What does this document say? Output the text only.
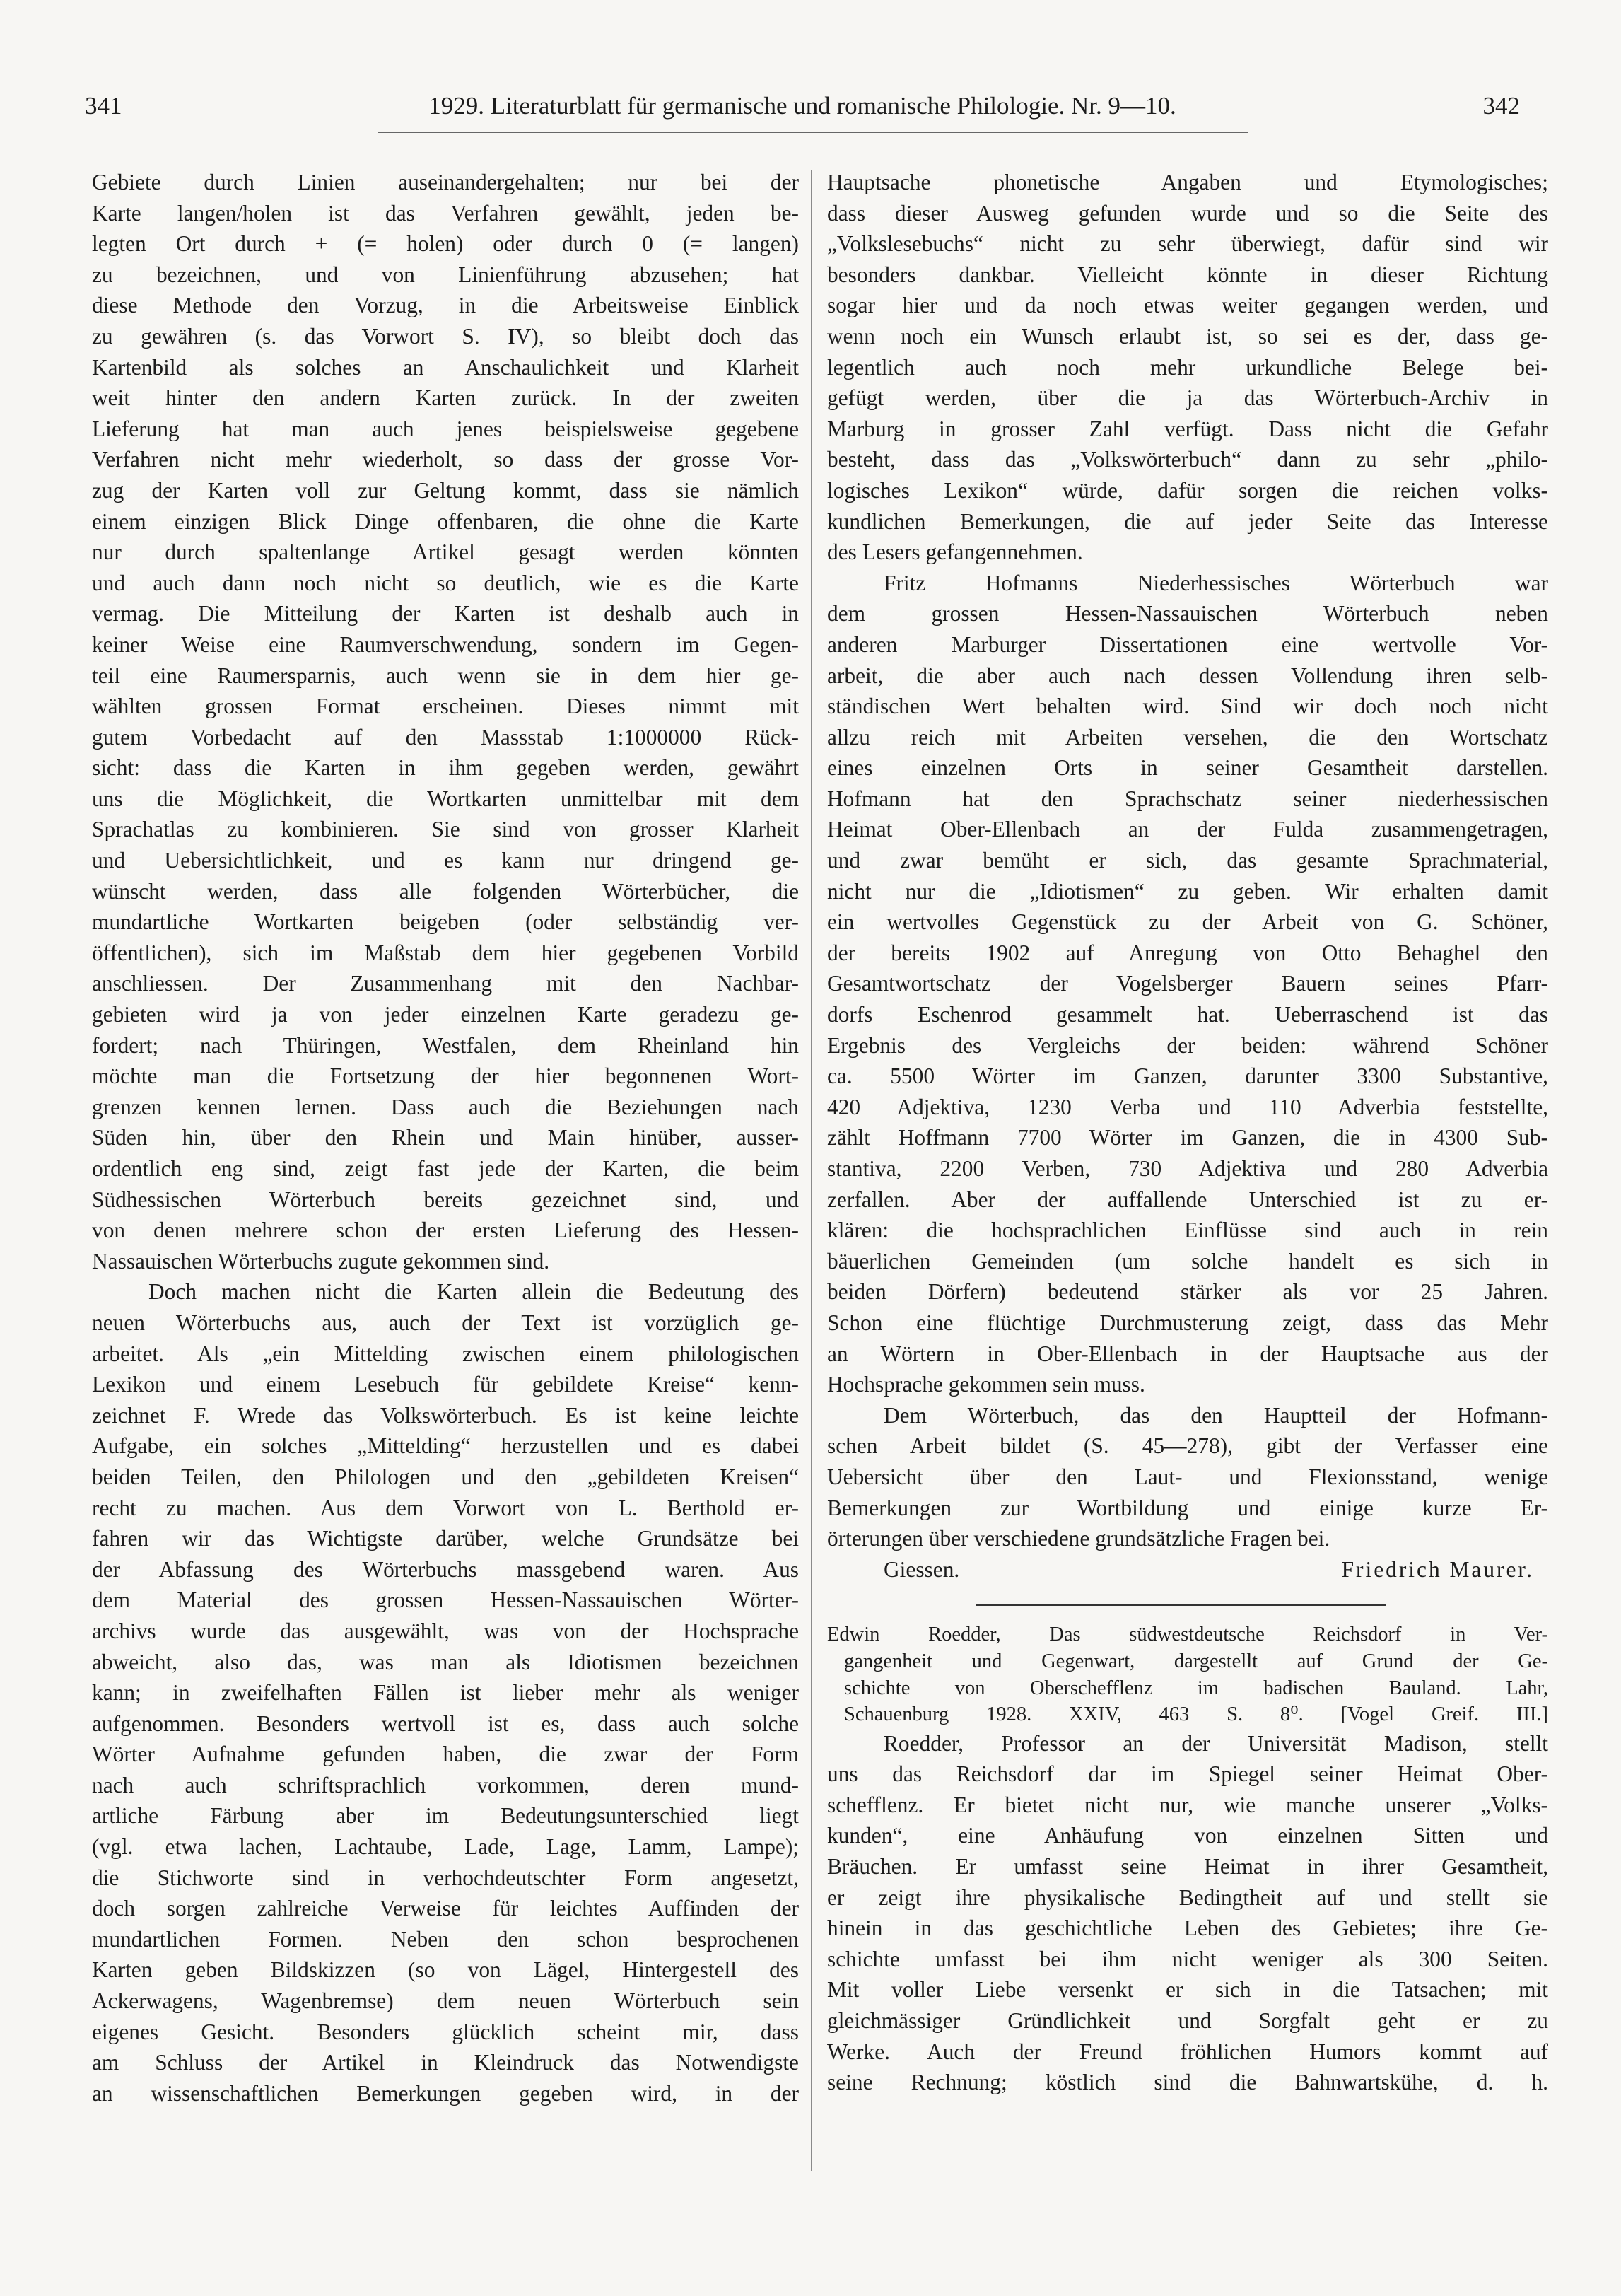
341	1929. Literaturblatt für germanische und romanische Philologie. Nr. 9—10.	342
Gebiete durch Linien auseinandergehalten; nur bei der
Karte langen/holen ist das Verfahren gewählt, jeden be-
legten Ort durch + (= holen) oder durch 0 (= langen)
zu bezeichnen, und von Linienführung abzusehen; hat
diese Methode den Vorzug, in die Arbeitsweise Einblick
zu gewähren (s. das Vorwort S. IV), so bleibt doch das
Kartenbild als solches an Anschaulichkeit und Klarheit
weit hinter den andern Karten zurück. In der zweiten
Lieferung hat man auch jenes beispielsweise gegebene
Verfahren nicht mehr wiederholt, so dass der grosse Vor-
zug der Karten voll zur Geltung kommt, dass sie nämlich
einem einzigen Blick Dinge offenbaren, die ohne die Karte
nur durch spaltenlange Artikel gesagt werden könnten
und auch dann noch nicht so deutlich, wie es die Karte
vermag. Die Mitteilung der Karten ist deshalb auch in
keiner Weise eine Raumverschwendung, sondern im Gegen-
teil eine Raumersparnis, auch wenn sie in dem hier ge-
wählten grossen Format erscheinen. Dieses nimmt mit
gutem Vorbedacht auf den Massstab 1:1000000 Rück-
sicht: dass die Karten in ihm gegeben werden, gewährt
uns die Möglichkeit, die Wortkarten unmittelbar mit dem
Sprachatlas zu kombinieren. Sie sind von grosser Klarheit
und Uebersichtlichkeit, und es kann nur dringend ge-
wünscht werden, dass alle folgenden Wörterbücher, die
mundartliche Wortkarten beigeben (oder selbständig ver-
öffentlichen), sich im Maßstab dem hier gegebenen Vorbild
anschliessen. Der Zusammenhang mit den Nachbar-
gebieten wird ja von jeder einzelnen Karte geradezu ge-
fordert; nach Thüringen, Westfalen, dem Rheinland hin
möchte man die Fortsetzung der hier begonnenen Wort-
grenzen kennen lernen. Dass auch die Beziehungen nach
Süden hin, über den Rhein und Main hinüber, ausser-
ordentlich eng sind, zeigt fast jede der Karten, die beim
Südhessischen Wörterbuch bereits gezeichnet sind, und
von denen mehrere schon der ersten Lieferung des Hessen-
Nassauischen Wörterbuchs zugute gekommen sind.
Doch machen nicht die Karten allein die Bedeutung des
neuen Wörterbuchs aus, auch der Text ist vorzüglich ge-
arbeitet. Als „ein Mittelding zwischen einem philologischen
Lexikon und einem Lesebuch für gebildete Kreise“ kenn-
zeichnet F. Wrede das Volkswörterbuch. Es ist keine leichte
Aufgabe, ein solches „Mittelding“ herzustellen und es dabei
beiden Teilen, den Philologen und den „gebildeten Kreisen“
recht zu machen. Aus dem Vorwort von L. Berthold er-
fahren wir das Wichtigste darüber, welche Grundsätze bei
der Abfassung des Wörterbuchs massgebend waren. Aus
dem Material des grossen Hessen-Nassauischen Wörter-
archivs wurde das ausgewählt, was von der Hochsprache
abweicht, also das, was man als Idiotismen bezeichnen
kann; in zweifelhaften Fällen ist lieber mehr als weniger
aufgenommen. Besonders wertvoll ist es, dass auch solche
Wörter Aufnahme gefunden haben, die zwar der Form
nach auch schriftsprachlich vorkommen, deren mund-
artliche Färbung aber im Bedeutungsunterschied liegt
(vgl. etwa lachen, Lachtaube, Lade, Lage, Lamm, Lampe);
die Stichworte sind in verhochdeutschter Form angesetzt,
doch sorgen zahlreiche Verweise für leichtes Auffinden der
mundartlichen Formen. Neben den schon besprochenen
Karten geben Bildskizzen (so von Lägel, Hintergestell des
Ackerwagens, Wagenbremse) dem neuen Wörterbuch sein
eigenes Gesicht. Besonders glücklich scheint mir, dass
am Schluss der Artikel in Kleindruck das Notwendigste
an wissenschaftlichen Bemerkungen gegeben wird, in der
Hauptsache phonetische Angaben und Etymologisches;
dass dieser Ausweg gefunden wurde und so die Seite des
„Volkslesebuchs“ nicht zu sehr überwiegt, dafür sind wir
besonders dankbar. Vielleicht könnte in dieser Richtung
sogar hier und da noch etwas weiter gegangen werden, und
wenn noch ein Wunsch erlaubt ist, so sei es der, dass ge-
legentlich auch noch mehr urkundliche Belege bei-
gefügt werden, über die ja das Wörterbuch-Archiv in
Marburg in grosser Zahl verfügt. Dass nicht die Gefahr
besteht, dass das „Volkswörterbuch“ dann zu sehr „philo-
logisches Lexikon“ würde, dafür sorgen die reichen volks-
kundlichen Bemerkungen, die auf jeder Seite das Interesse
des Lesers gefangennehmen.
Fritz Hofmanns Niederhessisches Wörterbuch war
dem grossen Hessen-Nassauischen Wörterbuch neben
anderen Marburger Dissertationen eine wertvolle Vor-
arbeit, die aber auch nach dessen Vollendung ihren selb-
ständischen Wert behalten wird. Sind wir doch noch nicht
allzu reich mit Arbeiten versehen, die den Wortschatz
eines einzelnen Orts in seiner Gesamtheit darstellen.
Hofmann hat den Sprachschatz seiner niederhessischen
Heimat Ober-Ellenbach an der Fulda zusammengetragen,
und zwar bemüht er sich, das gesamte Sprachmaterial,
nicht nur die „Idiotismen“ zu geben. Wir erhalten damit
ein wertvolles Gegenstück zu der Arbeit von G. Schöner,
der bereits 1902 auf Anregung von Otto Behaghel den
Gesamtwortschatz der Vogelsberger Bauern seines Pfarr-
dorfs Eschenrod gesammelt hat. Ueberraschend ist das
Ergebnis des Vergleichs der beiden: während Schöner
ca. 5500 Wörter im Ganzen, darunter 3300 Substantive,
420 Adjektiva, 1230 Verba und 110 Adverbia feststellte,
zählt Hoffmann 7700 Wörter im Ganzen, die in 4300 Sub-
stantiva, 2200 Verben, 730 Adjektiva und 280 Adverbia
zerfallen. Aber der auffallende Unterschied ist zu er-
klären: die hochsprachlichen Einflüsse sind auch in rein
bäuerlichen Gemeinden (um solche handelt es sich in
beiden Dörfern) bedeutend stärker als vor 25 Jahren.
Schon eine flüchtige Durchmusterung zeigt, dass das Mehr
an Wörtern in Ober-Ellenbach in der Hauptsache aus der
Hochsprache gekommen sein muss.
Dem Wörterbuch, das den Hauptteil der Hofmann-
schen Arbeit bildet (S. 45—278), gibt der Verfasser eine
Uebersicht über den Laut- und Flexionsstand, wenige
Bemerkungen zur Wortbildung und einige kurze Er-
örterungen über verschiedene grundsätzliche Fragen bei.
Giessen.	Friedrich Maurer.
Edwin Roedder, Das südwestdeutsche Reichsdorf in Ver-
gangenheit und Gegenwart, dargestellt auf Grund der Ge-
schichte von Oberschefflenz im badischen Bauland. Lahr,
Schauenburg 1928. XXIV, 463 S. 8⁰. [Vogel Greif. III.]
Roedder, Professor an der Universität Madison, stellt
uns das Reichsdorf dar im Spiegel seiner Heimat Ober-
schefflenz. Er bietet nicht nur, wie manche unserer „Volks-
kunden“, eine Anhäufung von einzelnen Sitten und
Bräuchen. Er umfasst seine Heimat in ihrer Gesamtheit,
er zeigt ihre physikalische Bedingtheit auf und stellt sie
hinein in das geschichtliche Leben des Gebietes; ihre Ge-
schichte umfasst bei ihm nicht weniger als 300 Seiten.
Mit voller Liebe versenkt er sich in die Tatsachen; mit
gleichmässiger Gründlichkeit und Sorgfalt geht er zu
Werke. Auch der Freund fröhlichen Humors kommt auf
seine Rechnung; köstlich sind die Bahnwartskühe, d. h.
